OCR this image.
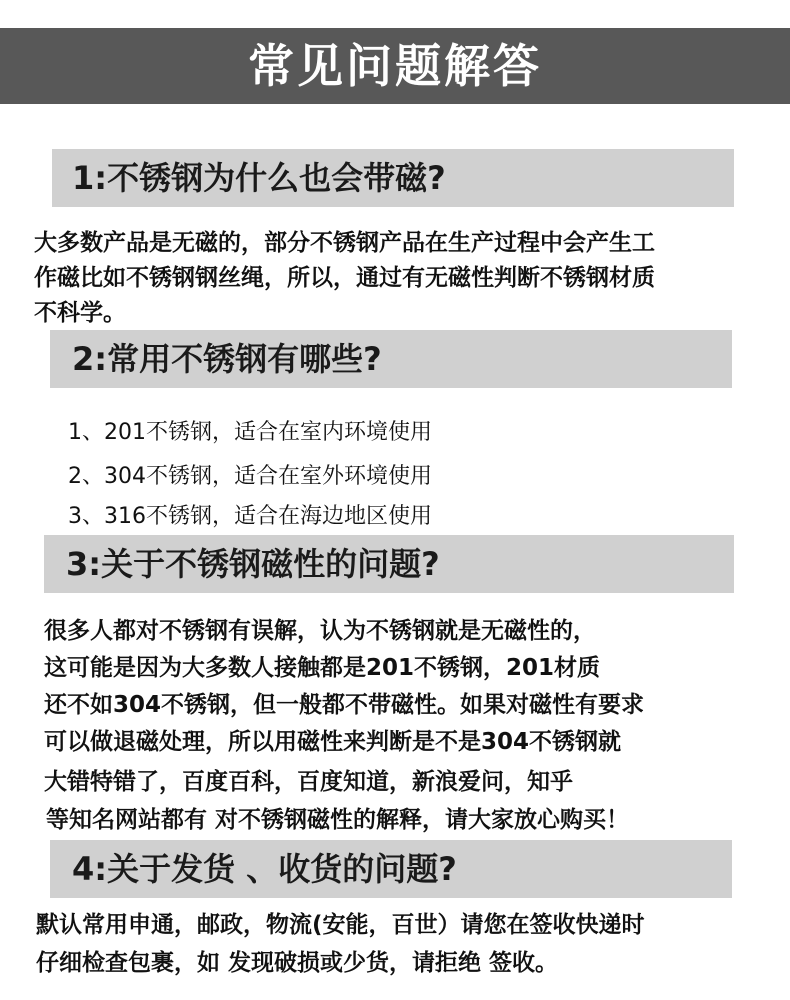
常见问题解答
1:不锈钢为什么也会带磁?
大多数产品是无磁的，部分不锈钢产品在生产过程中会产生工
作磁比如不锈钢钢丝绳，所以，通过有无磁性判断不锈钢材质
不科学。
2:常用不锈钢有哪些?
1、201不锈钢，适合在室内环境使用
2、304不锈钢，适合在室外环境使用
3、316不锈钢，适合在海边地区使用
3:关于不锈钢磁性的问题?
很多人都对不锈钢有误解，认为不锈钢就是无磁性的，
这可能是因为大多数人接触都是201不锈钢，201材质
还不如304不锈钢，但一般都不带磁性。如果对磁性有要求
可以做退磁处理，所以用磁性来判断是不是304不锈钢就
大错特错了，百度百科，百度知道，新浪爱问，知乎
等知名网站都有 对不锈钢磁性的解释，请大家放心购买！
4:关于发货 、收货的问题?
默认常用申通，邮政，物流(安能，百世）请您在签收快递时
仔细检查包裹，如 发现破损或少货，请拒绝 签收。
